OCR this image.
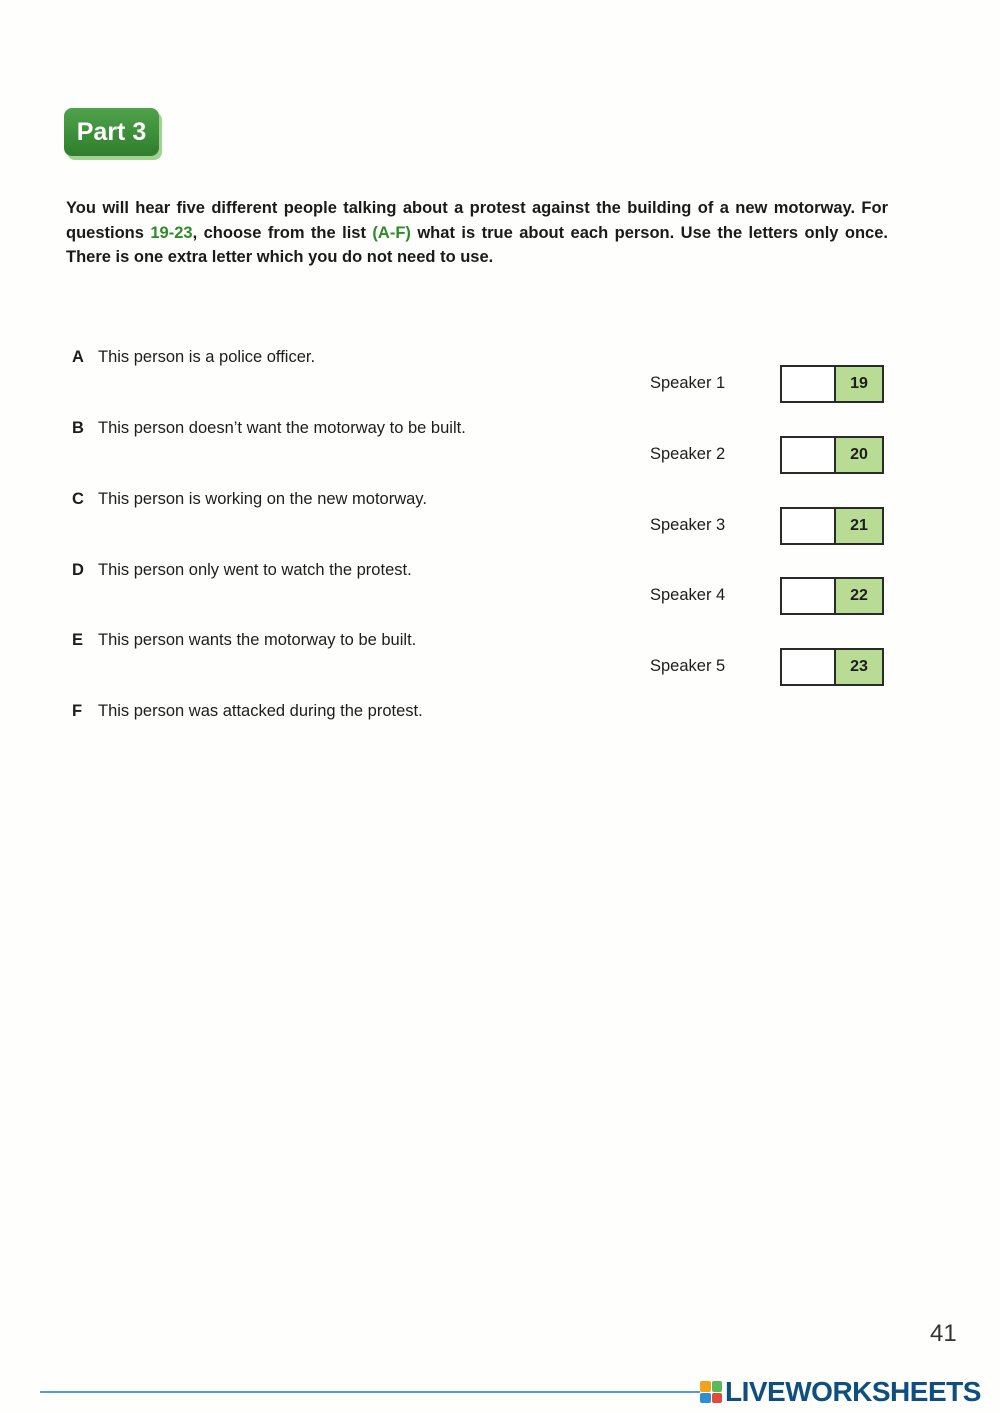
Part 3
You will hear five different people talking about a protest against the building of a new motorway. For questions 19-23, choose from the list (A-F) what is true about each person. Use the letters only once. There is one extra letter which you do not need to use.
A This person is a police officer.
B This person doesn’t want the motorway to be built.
C This person is working on the new motorway.
D This person only went to watch the protest.
E This person wants the motorway to be built.
F This person was attacked during the protest.
Speaker 1	19
Speaker 2	20
Speaker 3	21
Speaker 4	22
Speaker 5	23
41
LIVEWORKSHEETS
